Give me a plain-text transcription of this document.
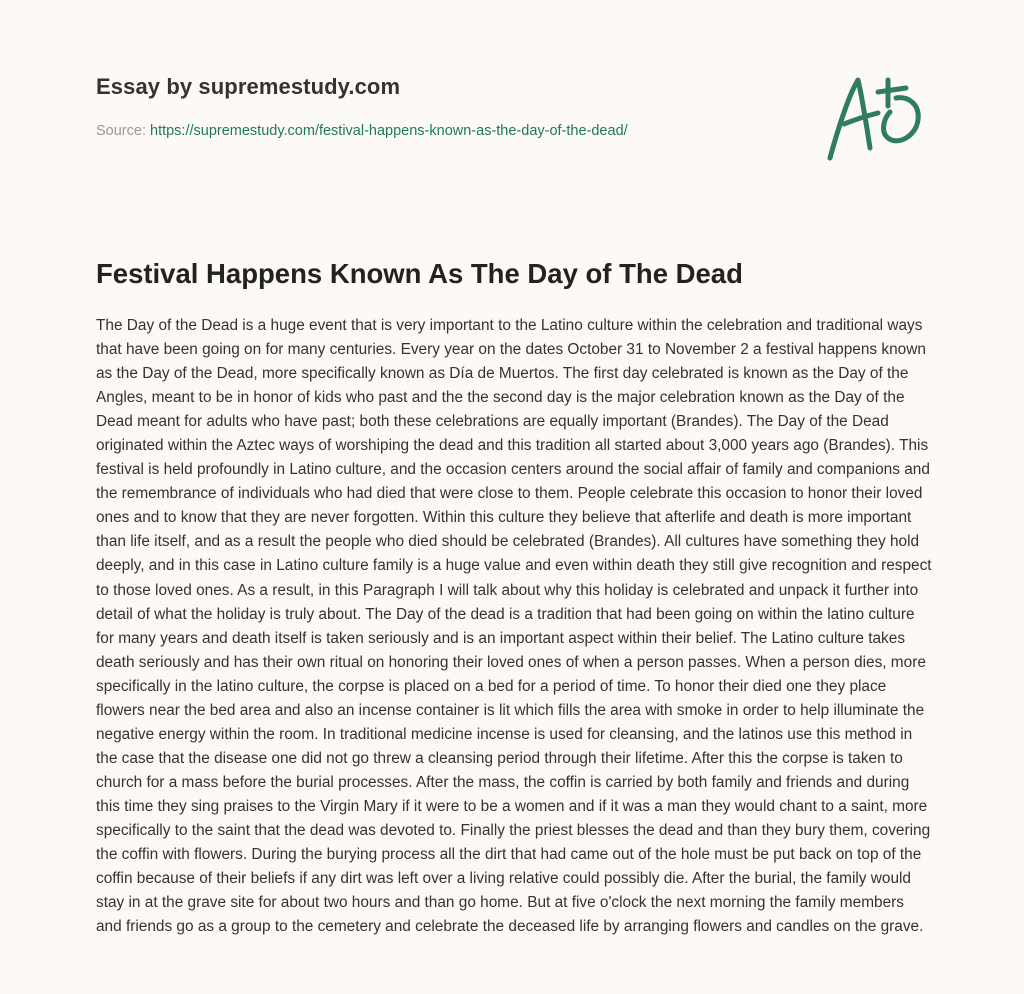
Essay by supremestudy.com
Source: https://supremestudy.com/festival-happens-known-as-the-day-of-the-dead/
Festival Happens Known As The Day of The Dead

The Day of the Dead is a huge event that is very important to the Latino culture within the celebration and traditional ways that have been going on for many centuries. Every year on the dates October 31 to November 2 a festival happens known as the Day of the Dead, more specifically known as Día de Muertos. The first day celebrated is known as the Day of the Angles, meant to be in honor of kids who past and the the second day is the major celebration known as the Day of the Dead meant for adults who have past; both these celebrations are equally important (Brandes). The Day of the Dead originated within the Aztec ways of worshiping the dead and this tradition all started about 3,000 years ago (Brandes). This festival is held profoundly in Latino culture, and the occasion centers around the social affair of family and companions and the remembrance of individuals who had died that were close to them. People celebrate this occasion to honor their loved ones and to know that they are never forgotten. Within this culture they believe that afterlife and death is more important than life itself, and as a result the people who died should be celebrated (Brandes). All cultures have something they hold deeply, and in this case in Latino culture family is a huge value and even within death they still give recognition and respect to those loved ones. As a result, in this Paragraph I will talk about why this holiday is celebrated and unpack it further into detail of what the holiday is truly about. The Day of the dead is a tradition that had been going on within the latino culture for many years and death itself is taken seriously and is an important aspect within their belief. The Latino culture takes death seriously and has their own ritual on honoring their loved ones of when a person passes. When a person dies, more specifically in the latino culture, the corpse is placed on a bed for a period of time. To honor their died one they place flowers near the bed area and also an incense container is lit which fills the area with smoke in order to help illuminate the negative energy within the room. In traditional medicine incense is used for cleansing, and the latinos use this method in the case that the disease one did not go threw a cleansing period through their lifetime. After this the corpse is taken to church for a mass before the burial processes. After the mass, the coffin is carried by both family and friends and during this time they sing praises to the Virgin Mary if it were to be a women and if it was a man they would chant to a saint, more specifically to the saint that the dead was devoted to. Finally the priest blesses the dead and than they bury them, covering the coffin with flowers. During the burying process all the dirt that had came out of the hole must be put back on top of the coffin because of their beliefs if any dirt was left over a living relative could possibly die. After the burial, the family would stay in at the grave site for about two hours and than go home. But at five o'clock the next morning the family members and friends go as a group to the cemetery and celebrate the deceased life by arranging flowers and candles on the grave.
